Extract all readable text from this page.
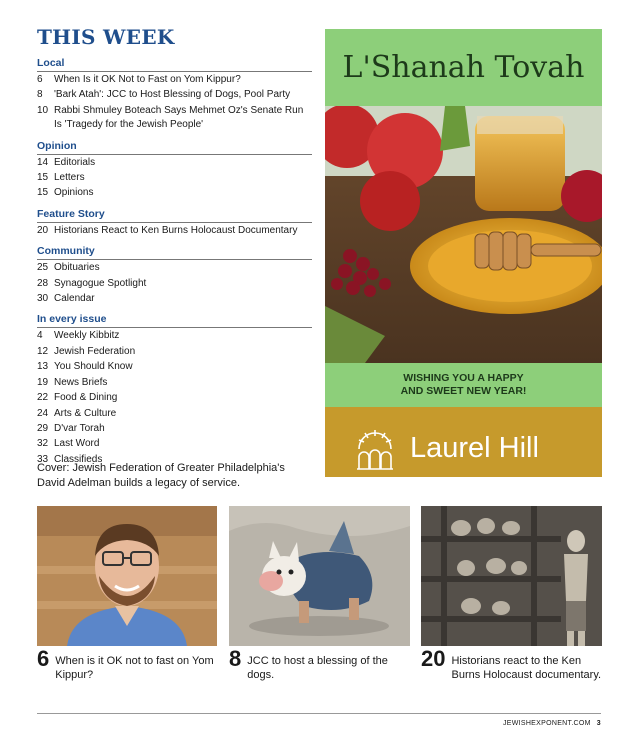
THIS WEEK
Local
6	When Is it OK Not to Fast on Yom Kippur?
8	'Bark Atah': JCC to Host Blessing of Dogs, Pool Party
10 Rabbi Shmuley Boteach Says Mehmet Oz's Senate Run Is 'Tragedy for the Jewish People'
Opinion
14 Editorials
15 Letters
15 Opinions
Feature Story
20 Historians React to Ken Burns Holocaust Documentary
Community
25 Obituaries
28 Synagogue Spotlight
30 Calendar
In every issue
4	Weekly Kibbitz
12 Jewish Federation
13 You Should Know
19 News Briefs
22 Food & Dining
24 Arts & Culture
29 D'var Torah
32 Last Word
33 Classifieds
Cover: Jewish Federation of Greater Philadelphia's David Adelman builds a legacy of service.
L'Shanah Tovah
WISHING YOU A HAPPY
AND SWEET NEW YEAR!
Laurel Hill
laurelhillphl.com | 610.668.9900
6 When is it OK not to fast on Yom Kippur?
8 JCC to host a blessing of the dogs.
20 Historians react to the Ken Burns Holocaust documentary.
JEWISHEXPONENT.COM 3
